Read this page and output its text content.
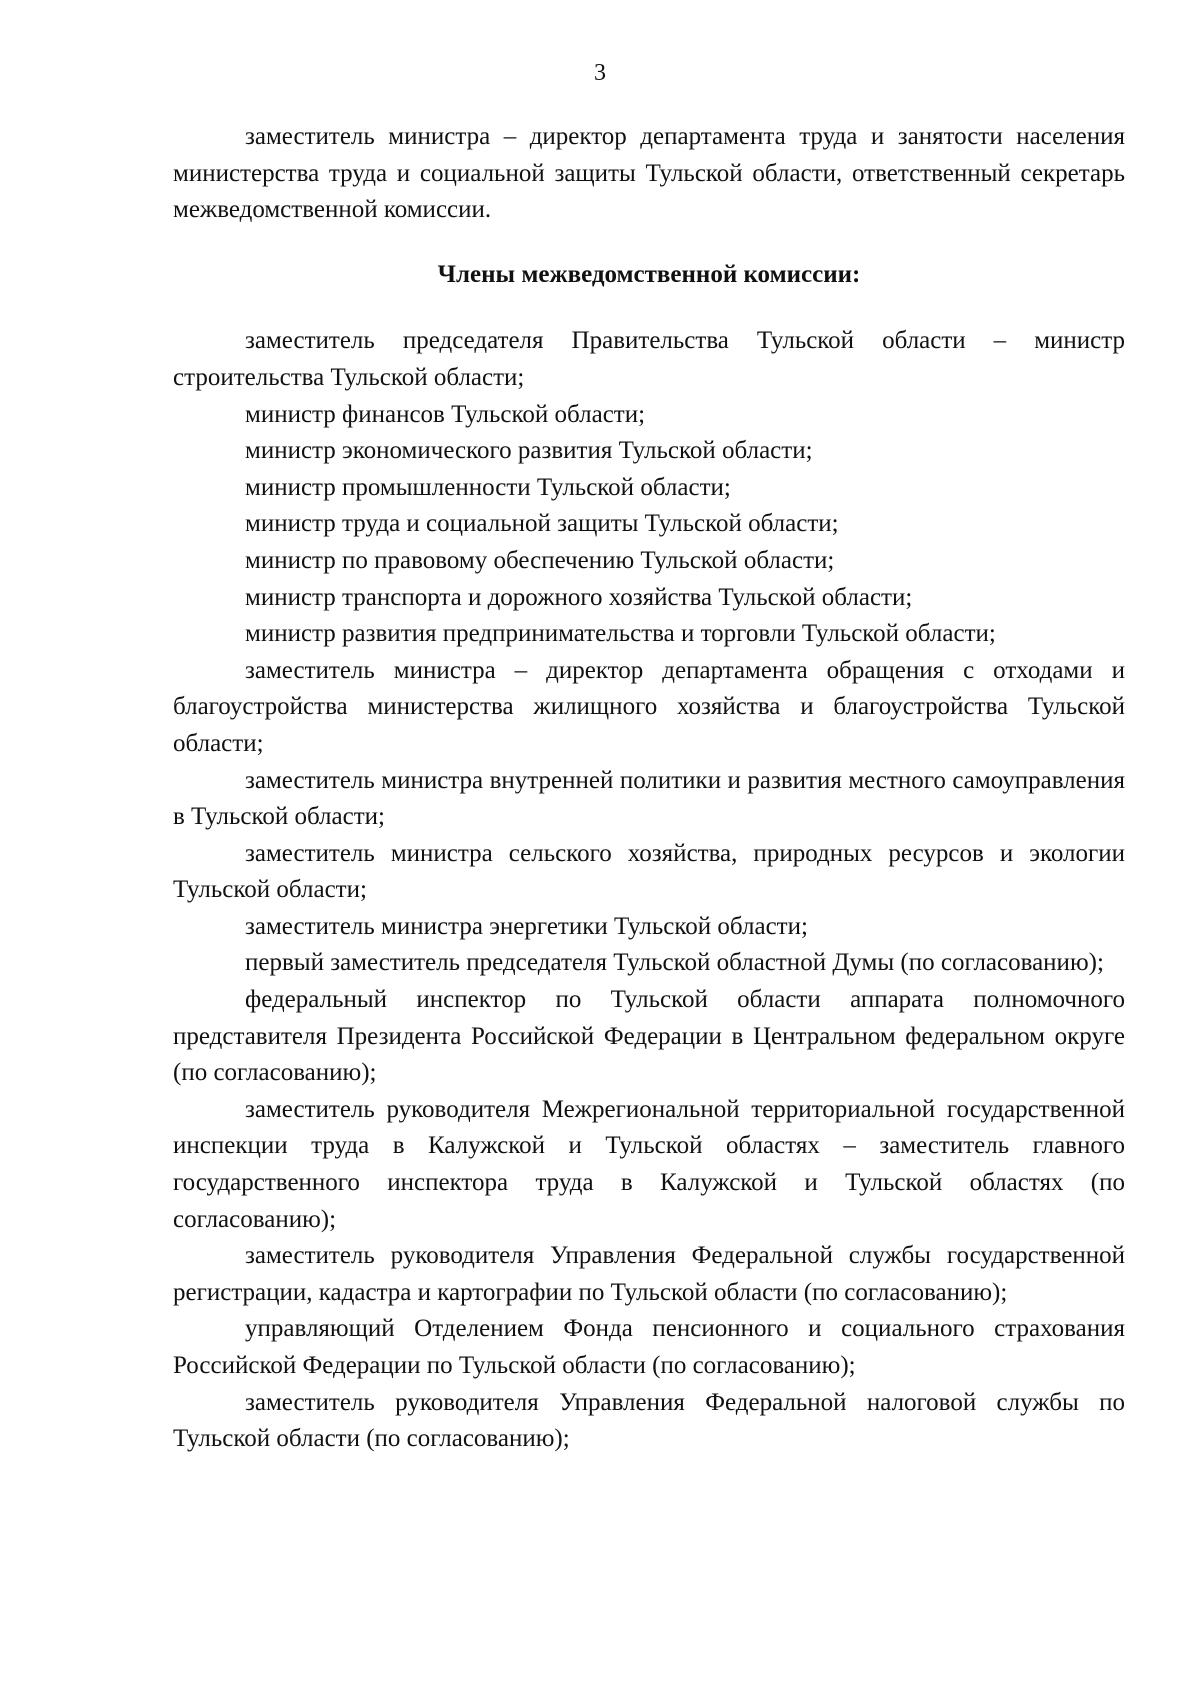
3

заместитель министра – директор департамента труда и занятости населения министерства труда и социальной защиты Тульской области, ответственный секретарь межведомственной комиссии.

Члены межведомственной комиссии:

заместитель председателя Правительства Тульской области – министр строительства Тульской области;

министр финансов Тульской области;

министр экономического развития Тульской области;

министр промышленности Тульской области;

министр труда и социальной защиты Тульской области;

министр по правовому обеспечению Тульской области;

министр транспорта и дорожного хозяйства Тульской области;

министр развития предпринимательства и торговли Тульской области;

заместитель министра – директор департамента обращения с отходами и благоустройства министерства жилищного хозяйства и благоустройства Тульской области;

заместитель министра внутренней политики и развития местного самоуправления в Тульской области;

заместитель министра сельского хозяйства, природных ресурсов и экологии Тульской области;

заместитель министра энергетики Тульской области;

первый заместитель председателя Тульской областной Думы (по согласованию);

федеральный инспектор по Тульской области аппарата полномочного представителя Президента Российской Федерации в Центральном федеральном округе (по согласованию);

заместитель руководителя Межрегиональной территориальной государственной инспекции труда в Калужской и Тульской областях – заместитель главного государственного инспектора труда в Калужской и Тульской областях (по согласованию);

заместитель руководителя Управления Федеральной службы государственной регистрации, кадастра и картографии по Тульской области (по согласованию);

управляющий Отделением Фонда пенсионного и социального страхования Российской Федерации по Тульской области (по согласованию);

заместитель руководителя Управления Федеральной налоговой службы по Тульской области (по согласованию);
